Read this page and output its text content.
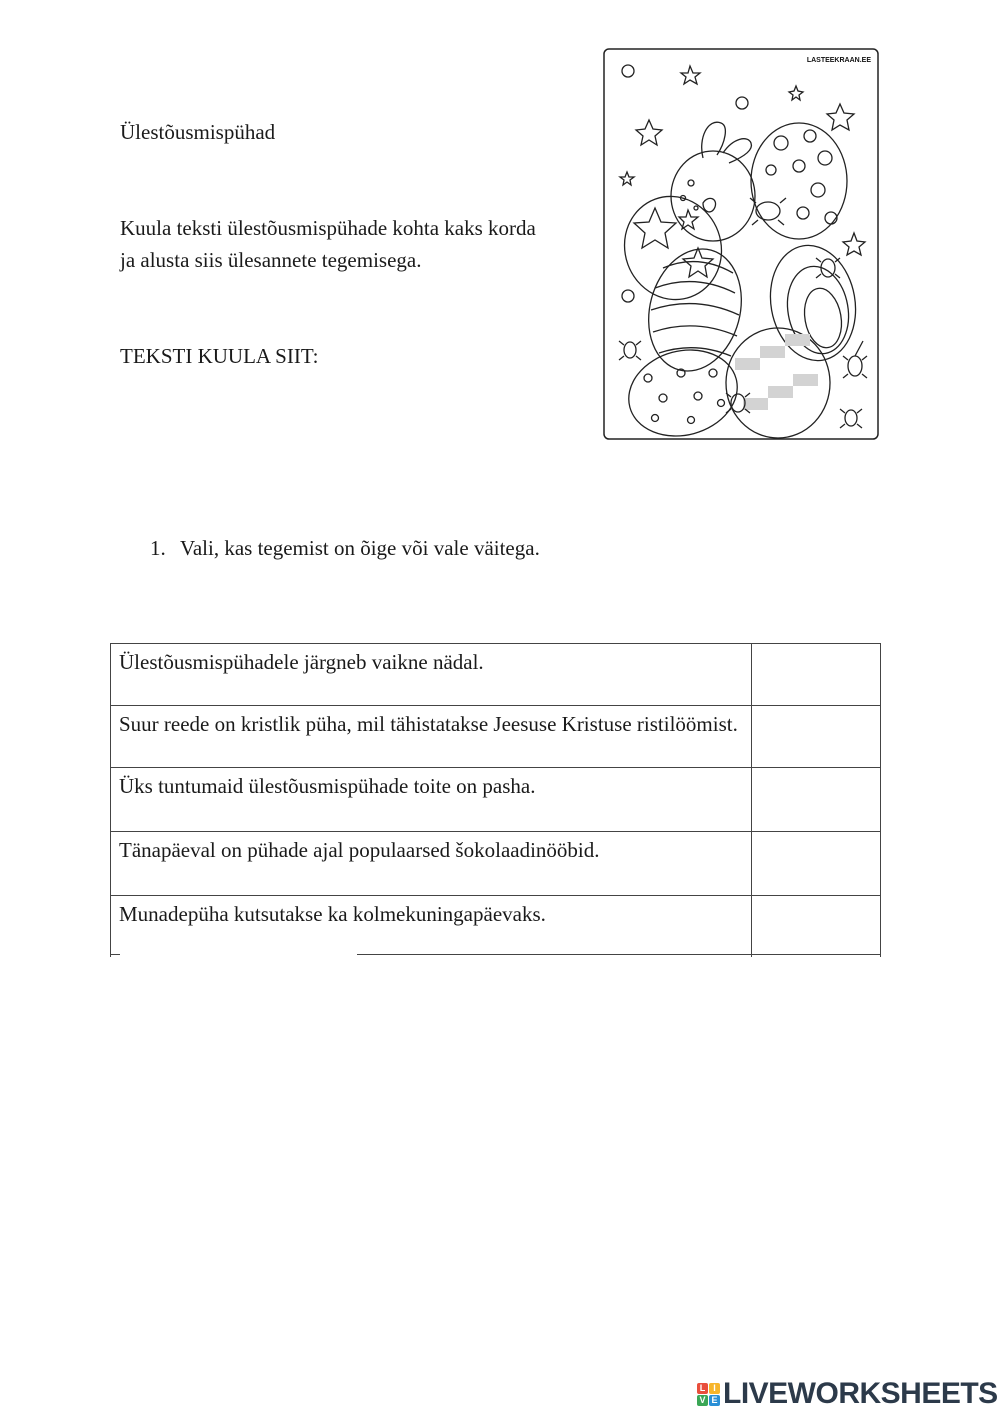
Ülestõusmispühad
Kuula teksti ülestõusmispühade kohta kaks korda
ja alusta siis ülesannete tegemisega.
TEKSTI KUULA SIIT:
LASTEEKRAAN.EE
1. Vali, kas tegemist on õige või vale väitega.
Ülestõusmispühadele järgneb vaikne nädal.	
Suur reede on kristlik püha, mil tähistatakse Jeesuse Kristuse ristilöömist.	
Üks tuntumaid ülestõusmispühade toite on pasha.	
Tänapäeval on pühade ajal populaarsed šokolaadinööbid.	
Munadepüha kutsutakse ka kolmekuningapäevaks.	
L I
V E LIVEWORKSHEETS
